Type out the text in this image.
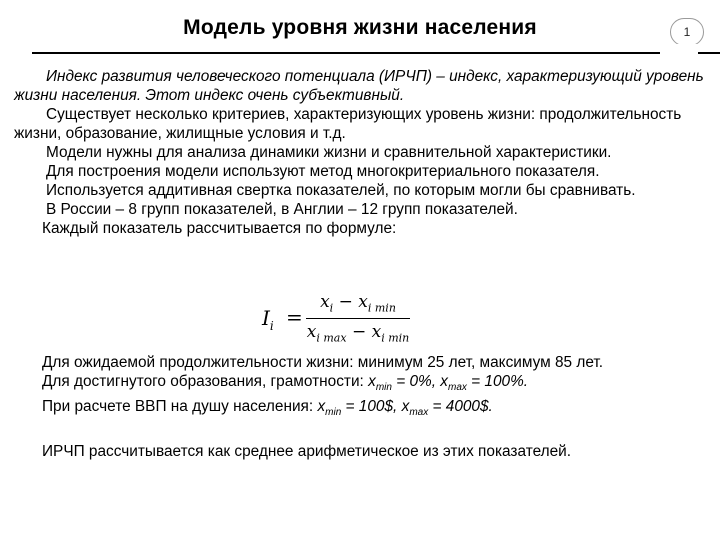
Модель уровня жизни населения	1

Индекс развития человеческого потенциала (ИРЧП) – индекс, характеризующий уровень жизни населения. Этот индекс очень субъективный.

Существует несколько критериев, характеризующих уровень жизни: продолжительность жизни, образование, жилищные условия и т.д.

Модели нужны для анализа динамики жизни и сравнительной характеристики.

Для построения модели используют метод многокритериального показателя.

Используется аддитивная свертка показателей, по которым могли бы сравнивать.

В России – 8 групп показателей, в Англии – 12 групп показателей.

Каждый показатель рассчитывается по формуле:

$I_i$ =
$x_i - x_{i min}$
$x_{i max} - x_{i min}$

Для ожидаемой продолжительности жизни: минимум 25 лет, максимум 85 лет.

Для достигнутого образования, грамотности: $x_{min} = 0\%$, $x_{max} = 100\%$.

При расчете ВВП на душу населения: $x_{min}$ = 100$, $x_{max}$ = 4000$.

ИРЧП рассчитывается как среднее арифметическое из этих показателей.
